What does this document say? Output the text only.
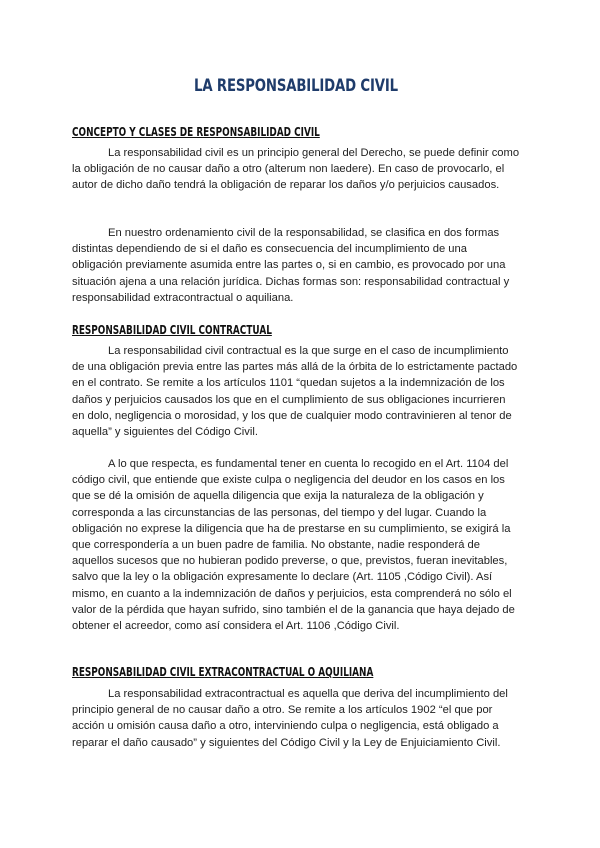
LA RESPONSABILIDAD CIVIL
CONCEPTO Y CLASES DE RESPONSABILIDAD CIVIL

La responsabilidad civil es un principio general del Derecho, se puede definir como la obligación de no causar daño a otro (alterum non laedere). En caso de provocarlo, el autor de dicho daño tendrá la obligación de reparar los daños y/o perjuicios causados.

En nuestro ordenamiento civil de la responsabilidad, se clasifica en dos formas distintas dependiendo de si el daño es consecuencia del incumplimiento de una obligación previamente asumida entre las partes o, si en cambio, es provocado por una situación ajena a una relación jurídica. Dichas formas son: responsabilidad contractual y responsabilidad extracontractual o aquiliana.

RESPONSABILIDAD CIVIL CONTRACTUAL

La responsabilidad civil contractual es la que surge en el caso de incumplimiento de una obligación previa entre las partes más allá de la órbita de lo estrictamente pactado en el contrato. Se remite a los artículos 1101 “quedan sujetos a la indemnización de los daños y perjuicios causados los que en el cumplimiento de sus obligaciones incurrieren en dolo, negligencia o morosidad, y los que de cualquier modo contravinieren al tenor de aquella” y siguientes del Código Civil.

A lo que respecta, es fundamental tener en cuenta lo recogido en el Art. 1104 del código civil, que entiende que existe culpa o negligencia del deudor en los casos en los que se dé la omisión de aquella diligencia que exija la naturaleza de la obligación y corresponda a las circunstancias de las personas, del tiempo y del lugar. Cuando la obligación no exprese la diligencia que ha de prestarse en su cumplimiento, se exigirá la que correspondería a un buen padre de familia. No obstante, nadie responderá de aquellos sucesos que no hubieran podido preverse, o que, previstos, fueran inevitables, salvo que la ley o la obligación expresamente lo declare (Art. 1105 ,Código Civil). Así mismo, en cuanto a la indemnización de daños y perjuicios, esta comprenderá no sólo el valor de la pérdida que hayan sufrido, sino también el de la ganancia que haya dejado de obtener el acreedor, como así considera el Art. 1106 ,Código Civil.

RESPONSABILIDAD CIVIL EXTRACONTRACTUAL O AQUILIANA

La responsabilidad extracontractual es aquella que deriva del incumplimiento del principio general de no causar daño a otro. Se remite a los artículos 1902 “el que por acción u omisión causa daño a otro, interviniendo culpa o negligencia, está obligado a reparar el daño causado” y siguientes del Código Civil y la Ley de Enjuiciamiento Civil.
